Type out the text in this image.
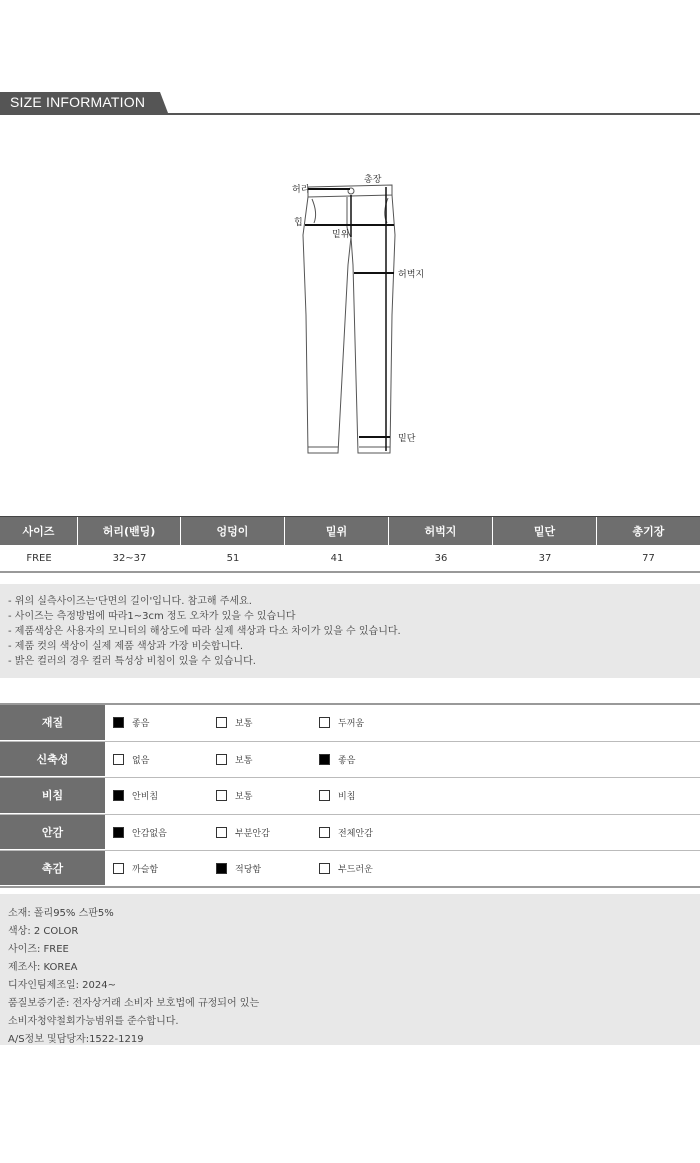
SIZE INFORMATION
허리
총장
힙
밑위
허벅지
밑단
사이즈	허리(밴딩)	엉덩이	밑위	허벅지	밑단	총기장
FREE	32~37	51	41	36	37	77

- 위의 실측사이즈는'단면의 길이'입니다. 참고해 주세요.

- 사이즈는 측정방법에 따라1~3cm 정도 오차가 있을 수 있습니다

- 제품색상은 사용자의 모니터의 해상도에 따라 실제 색상과 다소 차이가 있을 수 있습니다.

- 제품 컷의 색상이 실제 제품 색상과 가장 비슷합니다.

- 밝은 컬러의 경우 컬러 특성상 비침이 있을 수 있습니다.

재질	좋음	보통	두꺼움
신축성	없음	보통	좋음
비침	안비침	보통	비침
안감	안감없음	부분안감	전체안감
촉감	까슬함	적당함	부드러운

소재: 폴리95% 스판5%

색상: 2 COLOR

사이즈: FREE

제조사: KOREA

디자인팀제조일: 2024~

품질보증기준: 전자상거래 소비자 보호법에 규정되어 있는

소비자청약철회가능범위를 준수합니다.

A/S정보 및담당자:1522-1219
